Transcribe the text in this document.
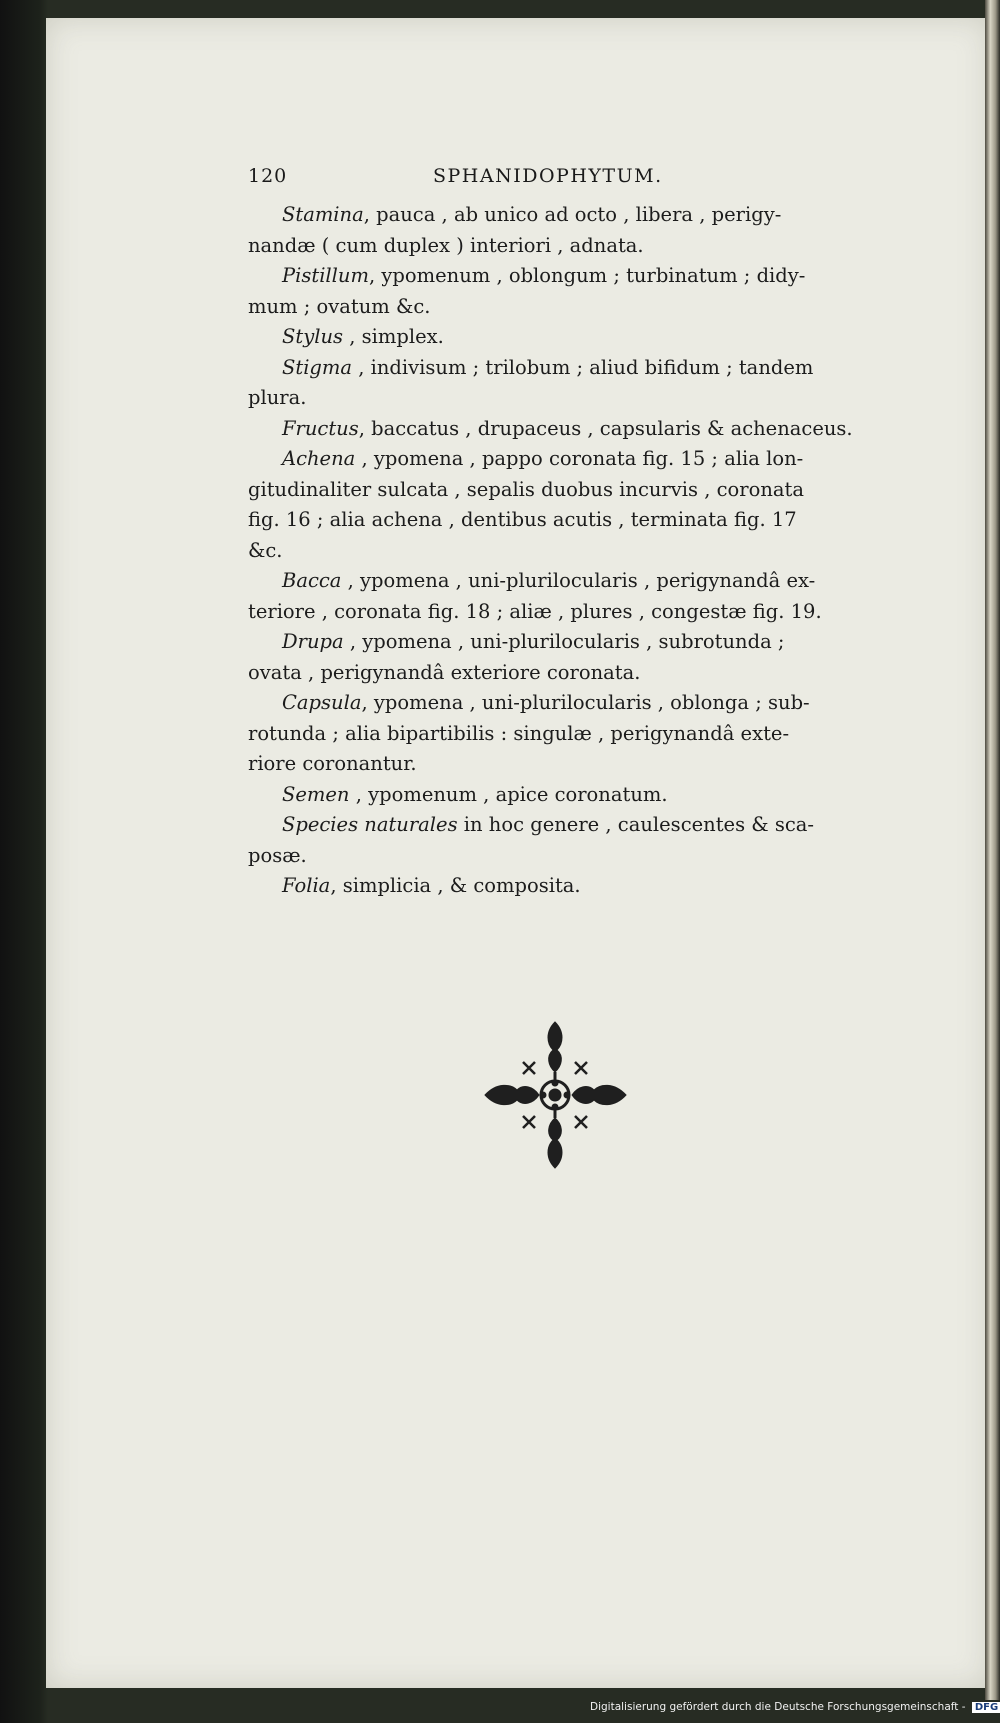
120	SPHANIDOPHYTUM.
Stamina , pauca , ab unico ad octo , libera , perigy-
nandæ ( cum duplex ) interiori , adnata.
Pistillum , ypomenum , oblongum ; turbinatum ; didy-
mum ; ovatum &c.
Stylus , simplex.
Stigma , indivisum ; trilobum ; aliud bifidum ; tandem
plura.
Fructus , baccatus , drupaceus , capsularis & achenaceus.
Achena , ypomena , pappo coronata fig. 15 ; alia lon-
gitudinaliter sulcata , sepalis duobus incurvis , coronata
fig. 16 ; alia achena , dentibus acutis , terminata fig. 17
&c.
Bacca , ypomena , uni-plurilocularis , perigynandâ ex-
teriore , coronata fig. 18 ; aliæ , plures , congestæ fig. 19.
Drupa , ypomena , uni-plurilocularis , subrotunda ;
ovata , perigynandâ exteriore coronata.
Capsula , ypomena , uni-plurilocularis , oblonga ; sub-
rotunda ; alia bipartibilis : singulæ , perigynandâ exte-
riore coronantur.
Semen , ypomenum , apice coronatum.
Species naturales in hoc genere , caulescentes & sca-
posæ.
Folia , simplicia , & composita.
Digitalisierung gefördert durch die Deutsche Forschungsgemeinschaft - DFG
